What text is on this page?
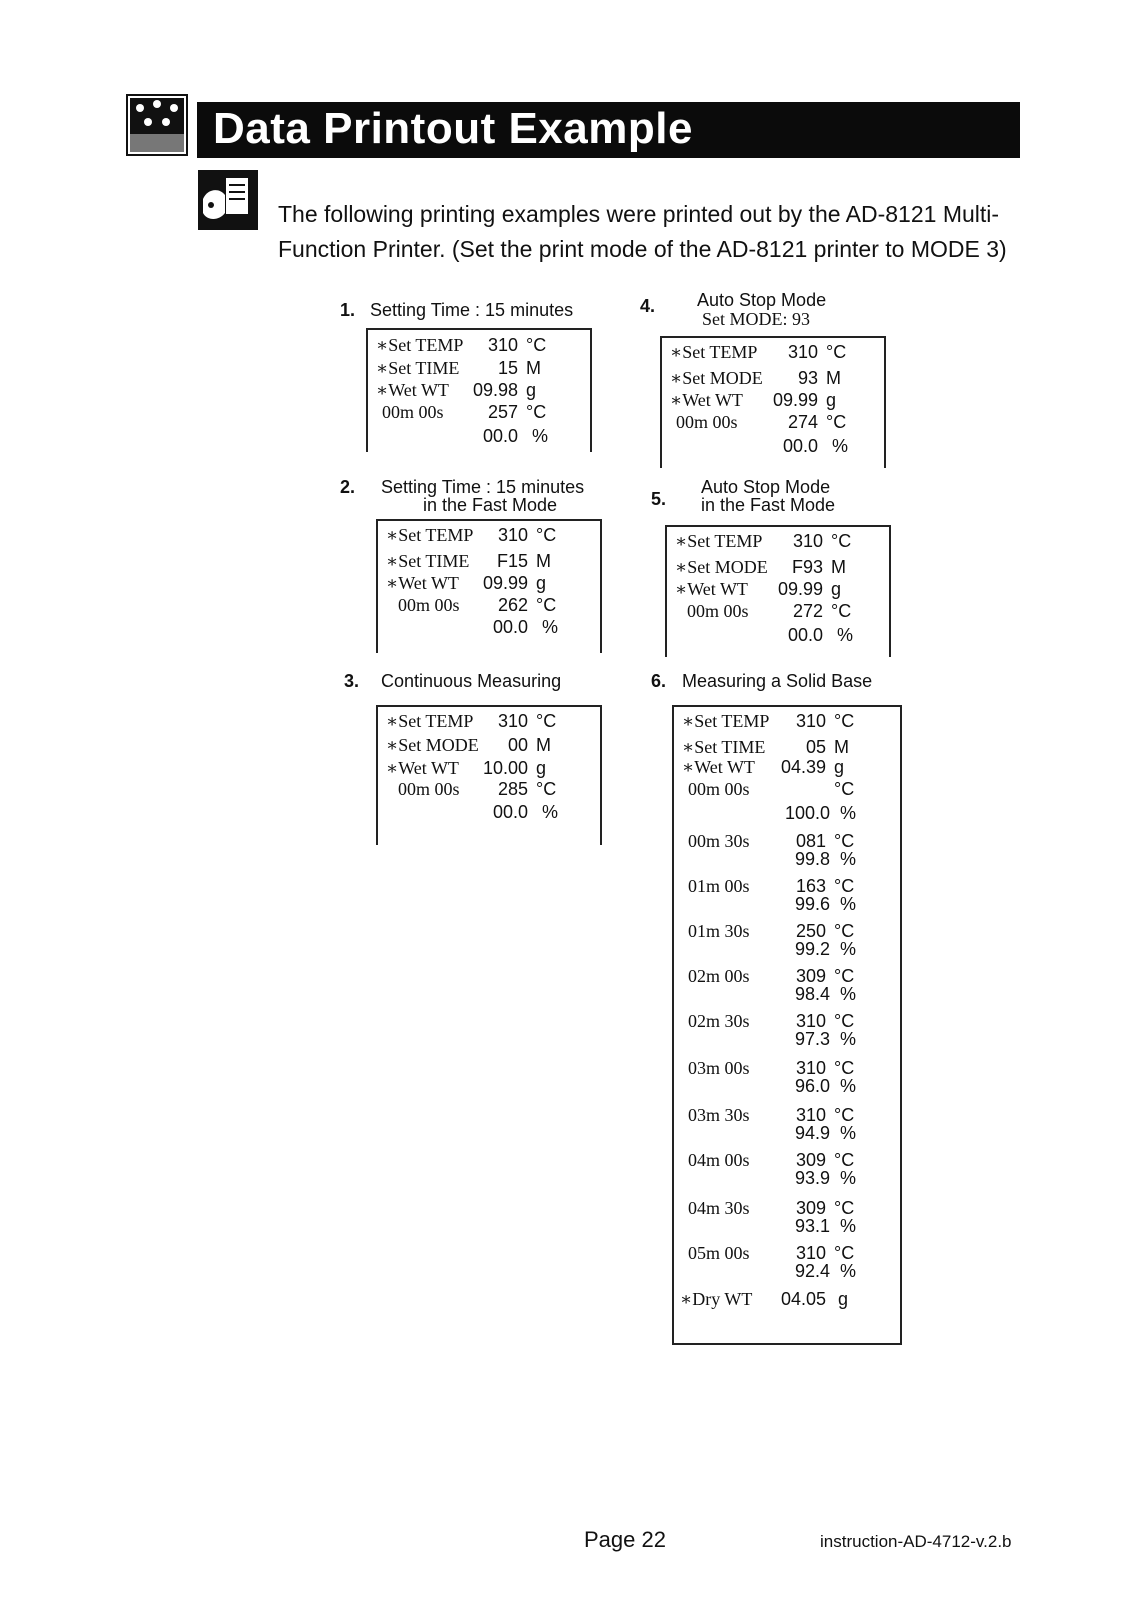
Data Printout Example
The following printing examples were printed out by the AD-8121 Multi-
Function Printer. (Set the print mode of the AD-8121 printer to MODE 3)
1. Setting Time : 15 minutes
∗Set TEMP	310 °C
∗Set TIME	15 M
∗Wet WT	09.98 g
00m 00s	257 °C
00.0 %
2. Setting Time : 15 minutes
in the Fast Mode
∗Set TEMP	310 °C
∗Set TIME	F15 M
∗Wet WT	09.99 g
00m 00s	262 °C
00.0 %
3. Continuous Measuring
∗Set TEMP	310 °C
∗Set MODE	00 M
∗Wet WT	10.00 g
00m 00s	285 °C
00.0 %
4. Auto Stop Mode
Set MODE: 93
∗Set TEMP	310 °C
∗Set MODE	93 M
∗Wet WT	09.99 g
00m 00s	274 °C
00.0 %
5.
Auto Stop Mode
in the Fast Mode
∗Set TEMP	310 °C
∗Set MODE	F93 M
∗Wet WT	09.99 g
00m 00s	272 °C
00.0 %
6. Measuring a Solid Base
∗Set TEMP	310 °C
∗Set TIME	05 M
∗Wet WT	04.39 g
00m 00s	°C
100.0 %
00m 30s	081 °C
99.8 %
01m 00s	163 °C
99.6 %
01m 30s	250 °C
99.2 %
02m 00s	309 °C
98.4 %
02m 30s	310 °C
97.3 %
03m 00s	310 °C
96.0 %
03m 30s	310 °C
94.9 %
04m 00s	309 °C
93.9 %
04m 30s	309 °C
93.1 %
05m 00s	310 °C
92.4 %
∗Dry WT	04.05 g
Page 22	instruction-AD-4712-v.2.b
